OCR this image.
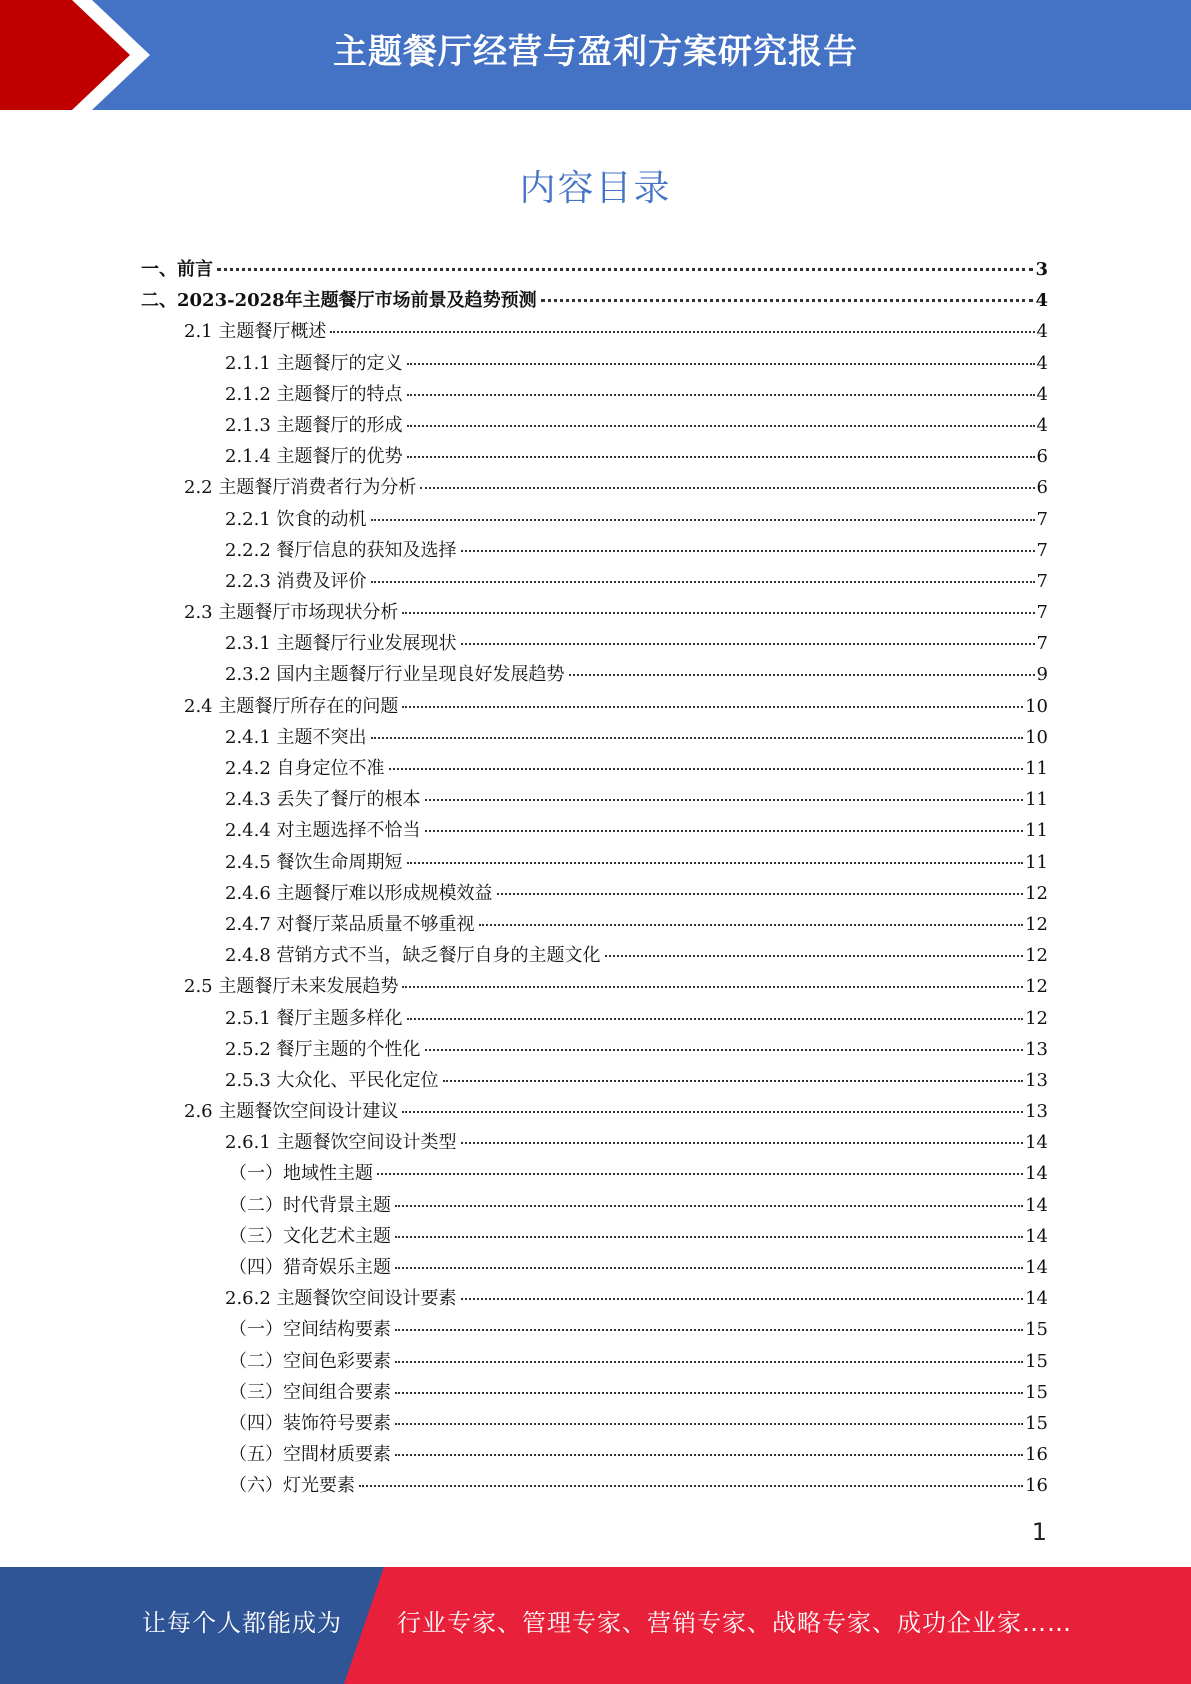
主题餐厅经营与盈利方案研究报告
内容目录
一、前言	3
二、2023-2028年主题餐厅市场前景及趋势预测	4
2.1 主题餐厅概述	4
2.1.1 主题餐厅的定义	4
2.1.2 主题餐厅的特点	4
2.1.3 主题餐厅的形成	4
2.1.4 主题餐厅的优势	6
2.2 主题餐厅消费者行为分析	6
2.2.1 饮食的动机	7
2.2.2 餐厅信息的获知及选择	7
2.2.3 消费及评价	7
2.3 主题餐厅市场现状分析	7
2.3.1 主题餐厅行业发展现状	7
2.3.2 国内主题餐厅行业呈现良好发展趋势	9
2.4 主题餐厅所存在的问题	10
2.4.1 主题不突出	10
2.4.2 自身定位不准	11
2.4.3 丢失了餐厅的根本	11
2.4.4 对主题选择不恰当	11
2.4.5 餐饮生命周期短	11
2.4.6 主题餐厅难以形成规模效益	12
2.4.7 对餐厅菜品质量不够重视	12
2.4.8 营销方式不当，缺乏餐厅自身的主题文化	12
2.5 主题餐厅未来发展趋势	12
2.5.1 餐厅主题多样化	12
2.5.2 餐厅主题的个性化	13
2.5.3 大众化、平民化定位	13
2.6 主题餐饮空间设计建议	13
2.6.1 主题餐饮空间设计类型	14
（一）地域性主题	14
（二）时代背景主题	14
（三）文化艺术主题	14
（四）猎奇娱乐主题	14
2.6.2 主题餐饮空间设计要素	14
（一）空间结构要素	15
（二）空间色彩要素	15
（三）空间组合要素	15
（四）装饰符号要素	15
（五）空間材质要素	16
（六）灯光要素	16
1
让每个人都能成为 行业专家、管理专家、营销专家、战略专家、成功企业家……
